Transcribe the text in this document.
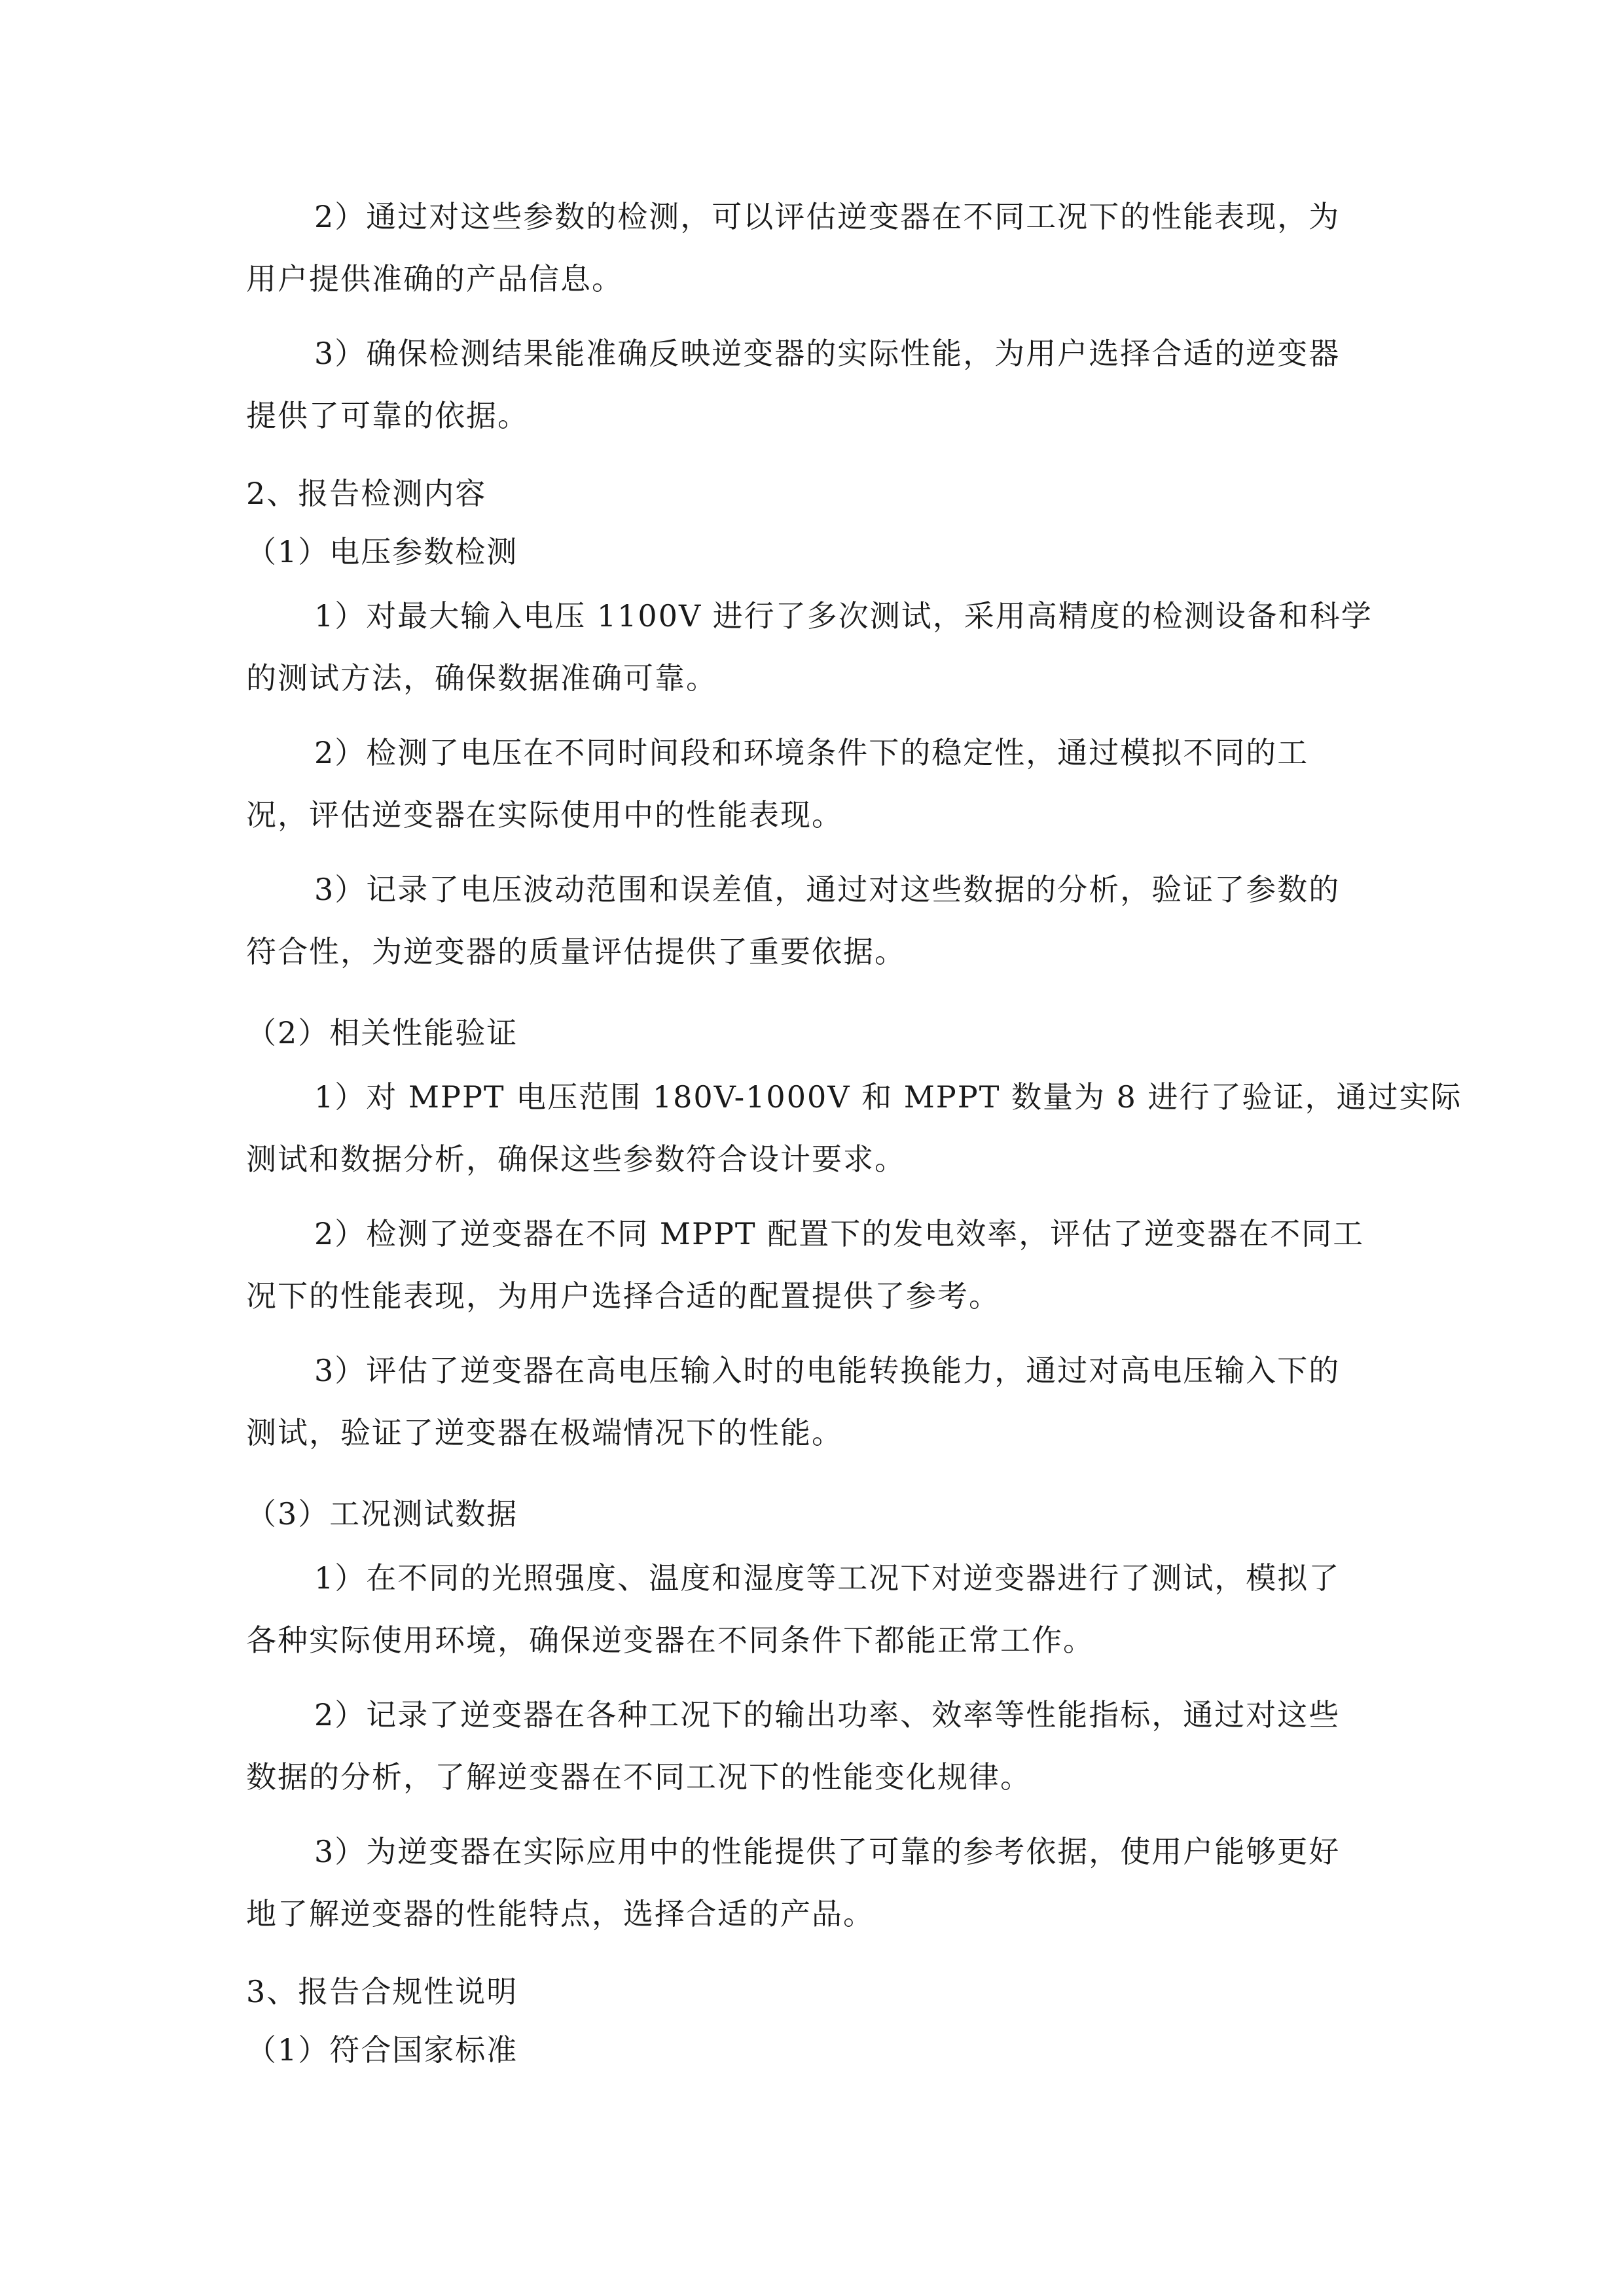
2）通过对这些参数的检测，可以评估逆变器在不同工况下的性能表现，为
用户提供准确的产品信息。
3）确保检测结果能准确反映逆变器的实际性能，为用户选择合适的逆变器
提供了可靠的依据。
2、报告检测内容
（1）电压参数检测
1）对最大输入电压 1100V 进行了多次测试，采用高精度的检测设备和科学
的测试方法，确保数据准确可靠。
2）检测了电压在不同时间段和环境条件下的稳定性，通过模拟不同的工
况，评估逆变器在实际使用中的性能表现。
3）记录了电压波动范围和误差值，通过对这些数据的分析，验证了参数的
符合性，为逆变器的质量评估提供了重要依据。
（2）相关性能验证
1）对 MPPT 电压范围 180V-1000V 和 MPPT 数量为 8 进行了验证，通过实际
测试和数据分析，确保这些参数符合设计要求。
2）检测了逆变器在不同 MPPT 配置下的发电效率，评估了逆变器在不同工
况下的性能表现，为用户选择合适的配置提供了参考。
3）评估了逆变器在高电压输入时的电能转换能力，通过对高电压输入下的
测试，验证了逆变器在极端情况下的性能。
（3）工况测试数据
1）在不同的光照强度、温度和湿度等工况下对逆变器进行了测试，模拟了
各种实际使用环境，确保逆变器在不同条件下都能正常工作。
2）记录了逆变器在各种工况下的输出功率、效率等性能指标，通过对这些
数据的分析，了解逆变器在不同工况下的性能变化规律。
3）为逆变器在实际应用中的性能提供了可靠的参考依据，使用户能够更好
地了解逆变器的性能特点，选择合适的产品。
3、报告合规性说明
（1）符合国家标准
